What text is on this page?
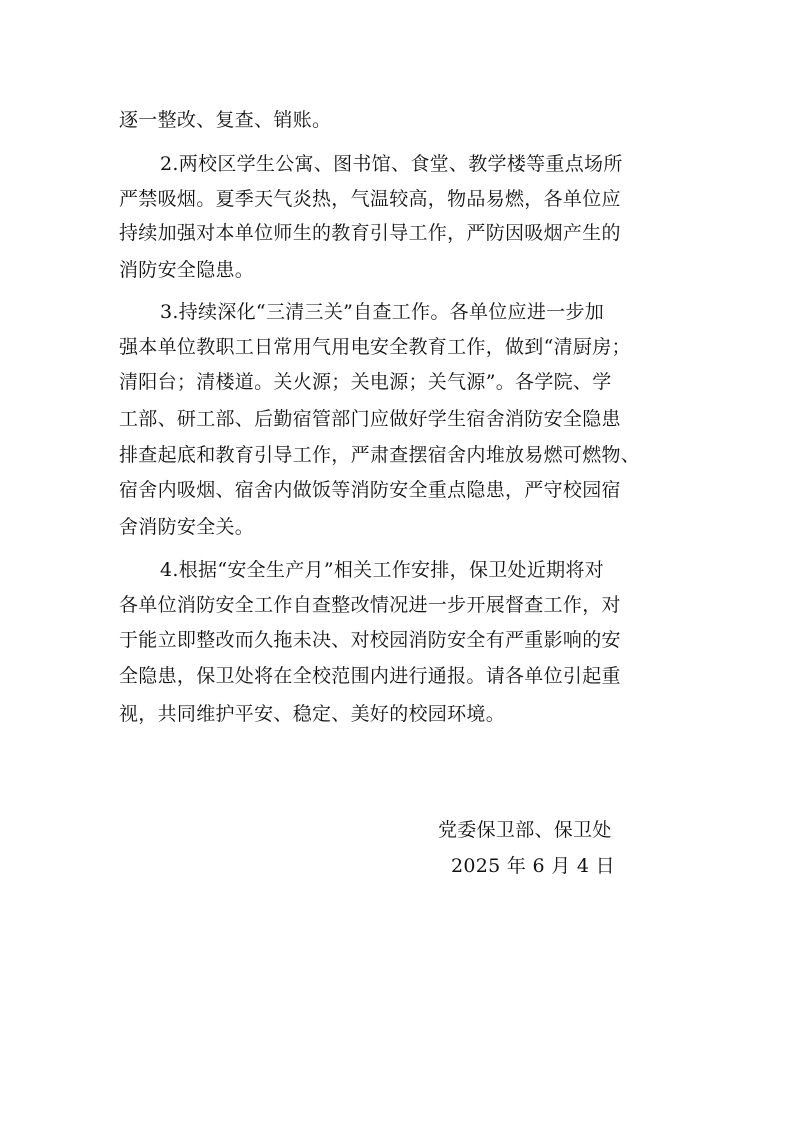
逐一整改、复查、销账。
2.两校区学生公寓、图书馆、食堂、教学楼等重点场所
严禁吸烟。夏季天气炎热，气温较高，物品易燃，各单位应
持续加强对本单位师生的教育引导工作，严防因吸烟产生的
消防安全隐患。
3.持续深化“三清三关”自查工作。各单位应进一步加
强本单位教职工日常用气用电安全教育工作，做到“清厨房；
清阳台；清楼道。关火源；关电源；关气源”。各学院、学
工部、研工部、后勤宿管部门应做好学生宿舍消防安全隐患
排查起底和教育引导工作，严肃查摆宿舍内堆放易燃可燃物、
宿舍内吸烟、宿舍内做饭等消防安全重点隐患，严守校园宿
舍消防安全关。
4.根据“安全生产月”相关工作安排，保卫处近期将对
各单位消防安全工作自查整改情况进一步开展督查工作，对
于能立即整改而久拖未决、对校园消防安全有严重影响的安
全隐患，保卫处将在全校范围内进行通报。请各单位引起重
视，共同维护平安、稳定、美好的校园环境。
党委保卫部、保卫处
2025 年 6 月 4 日
